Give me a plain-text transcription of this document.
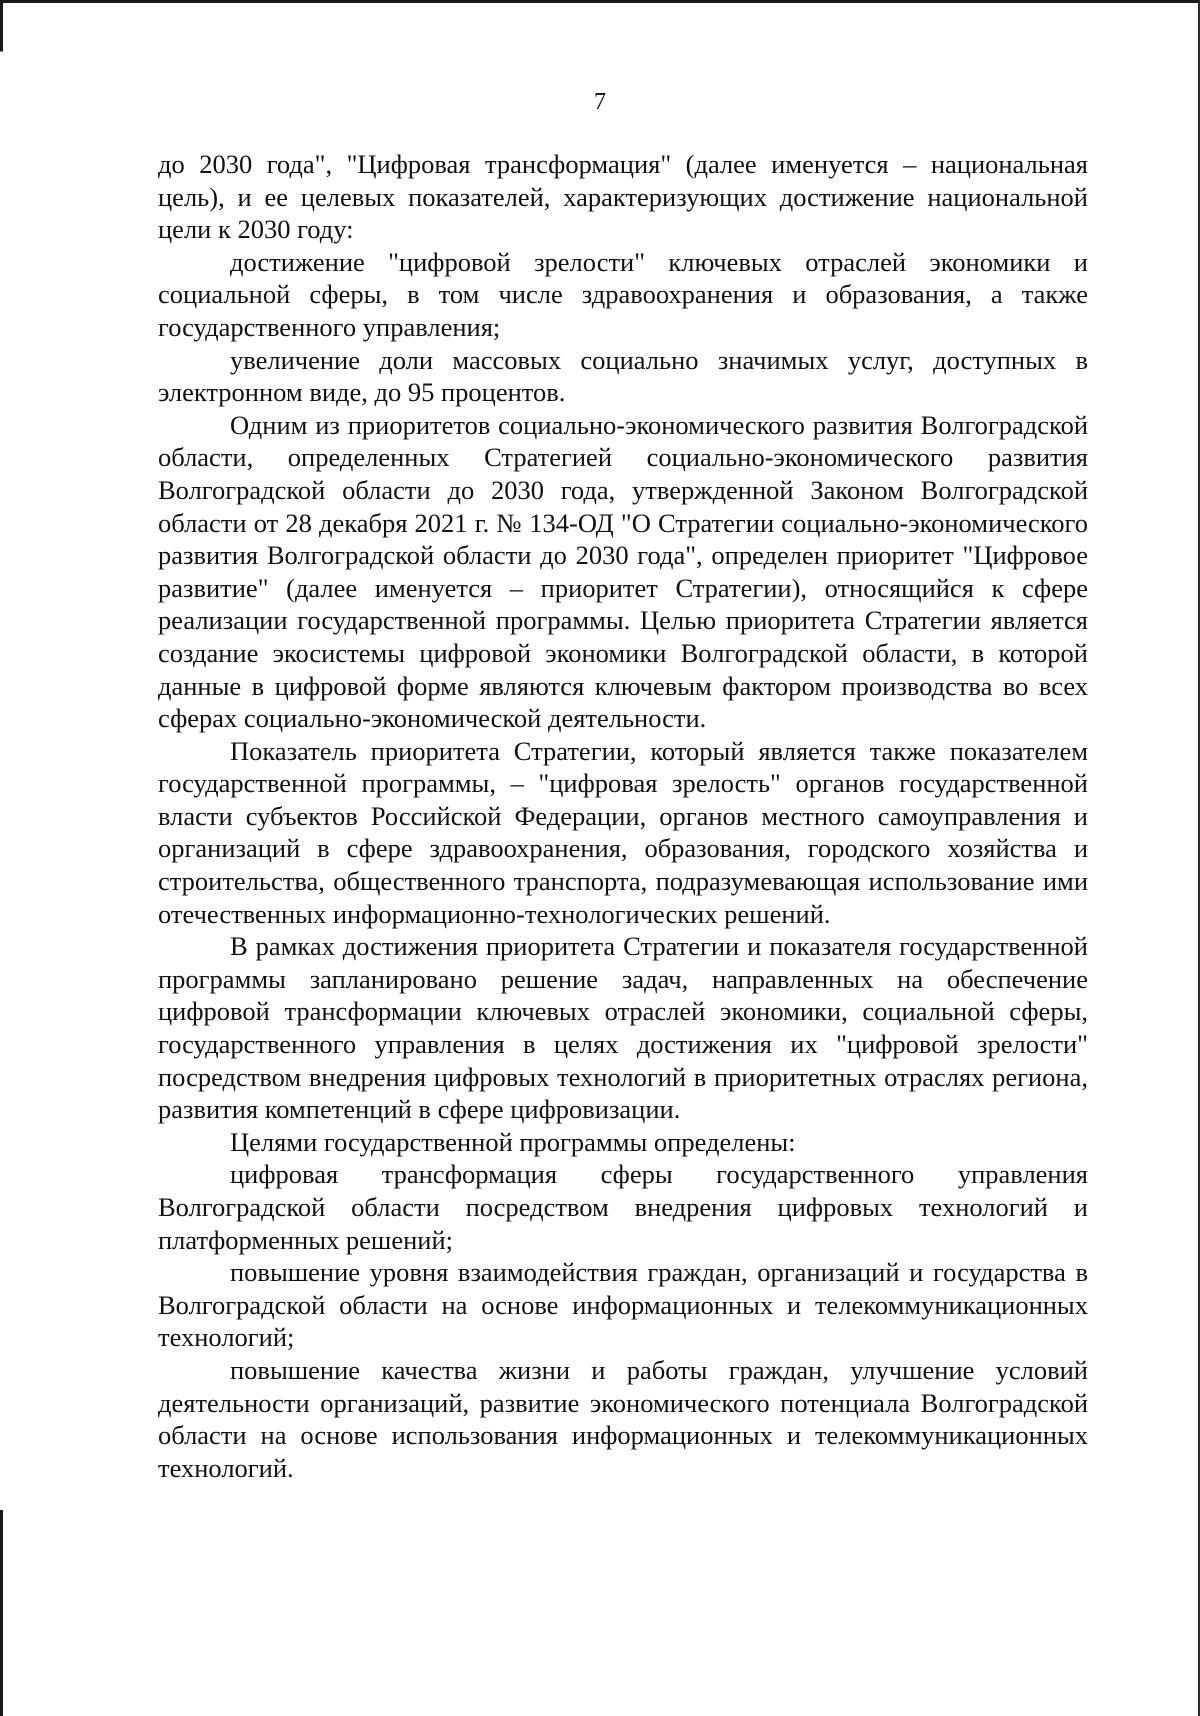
7

до 2030 года", "Цифровая трансформация" (далее именуется – национальная цель), и ее целевых показателей, характеризующих достижение национальной цели к 2030 году:

достижение "цифровой зрелости" ключевых отраслей экономики и социальной сферы, в том числе здравоохранения и образования, а также государственного управления;

увеличение доли массовых социально значимых услуг, доступных в электронном виде, до 95 процентов.

Одним из приоритетов социально-экономического развития Волгоградской области, определенных Стратегией социально-экономического развития Волгоградской области до 2030 года, утвержденной Законом Волгоградской области от 28 декабря 2021 г. № 134-ОД "О Стратегии социально-экономического развития Волгоградской области до 2030 года", определен приоритет "Цифровое развитие" (далее именуется – приоритет Стратегии), относящийся к сфере реализации государственной программы. Целью приоритета Стратегии является создание экосистемы цифровой экономики Волгоградской области, в которой данные в цифровой форме являются ключевым фактором производства во всех сферах социально-экономической деятельности.

Показатель приоритета Стратегии, который является также показателем государственной программы, – "цифровая зрелость" органов государственной власти субъектов Российской Федерации, органов местного самоуправления и организаций в сфере здравоохранения, образования, городского хозяйства и строительства, общественного транспорта, подразумевающая использование ими отечественных информационно-технологических решений.

В рамках достижения приоритета Стратегии и показателя государственной программы запланировано решение задач, направленных на обеспечение цифровой трансформации ключевых отраслей экономики, социальной сферы, государственного управления в целях достижения их "цифровой зрелости" посредством внедрения цифровых технологий в приоритетных отраслях региона, развития компетенций в сфере цифровизации.

Целями государственной программы определены:

цифровая трансформация сферы государственного управления Волгоградской области посредством внедрения цифровых технологий и платформенных решений;

повышение уровня взаимодействия граждан, организаций и государства в Волгоградской области на основе информационных и телекоммуникационных технологий;

повышение качества жизни и работы граждан, улучшение условий деятельности организаций, развитие экономического потенциала Волгоградской области на основе использования информационных и телекоммуникационных технологий.
